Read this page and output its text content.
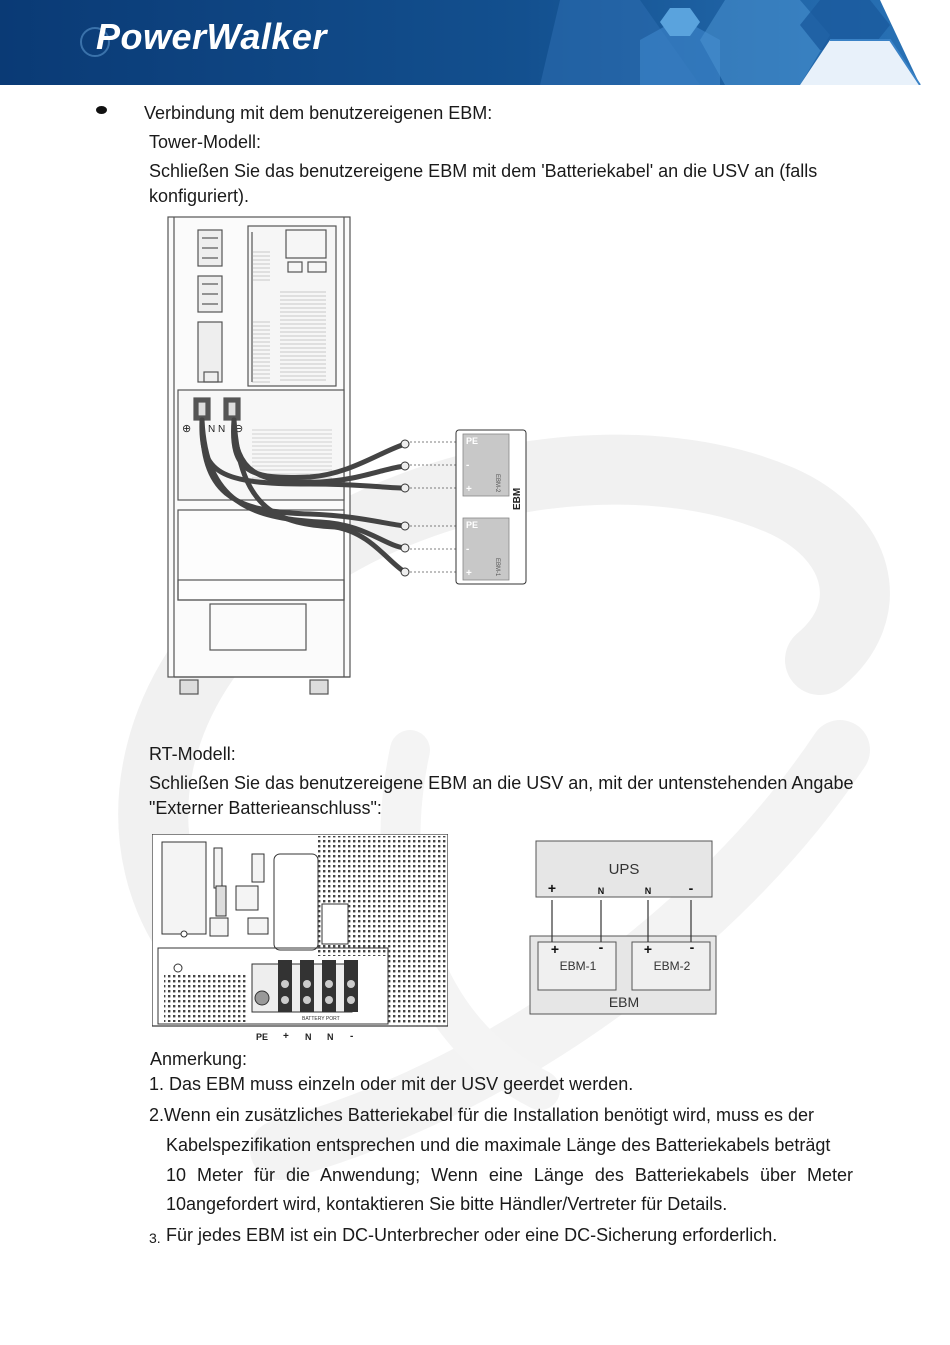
PowerWalker
Verbindung mit dem benutzereigenen EBM:
Tower-Modell:
Schließen Sie das benutzereigene EBM mit dem 'Batteriekabel' an die USV an (falls
konfiguriert).
⊕ N N ⊖
PE
-
+
PE
-
+
EBM-2
EBM-1
EBM
RT-Modell:
Schließen Sie das benutzereigene EBM an die USV an, mit der untenstehenden Angabe
"Externer Batterieanschluss":
BATTERY PORT
PE + N N -
UPS
+	N	N	-
+	-	+	-
EBM-1	EBM-2
EBM
Anmerkung:
1. Das EBM muss einzeln oder mit der USV geerdet werden.
2.Wenn ein zusätzliches Batteriekabel für die Installation benötigt wird, muss es der
Kabelspezifikation entsprechen und die maximale Länge des Batteriekabels beträgt
10 Meter für die Anwendung; Wenn eine Länge des Batteriekabels über Meter
10angefordert wird, kontaktieren Sie bitte Händler/Vertreter für Details.
3. Für jedes EBM ist ein DC-Unterbrecher oder eine DC-Sicherung erforderlich.
